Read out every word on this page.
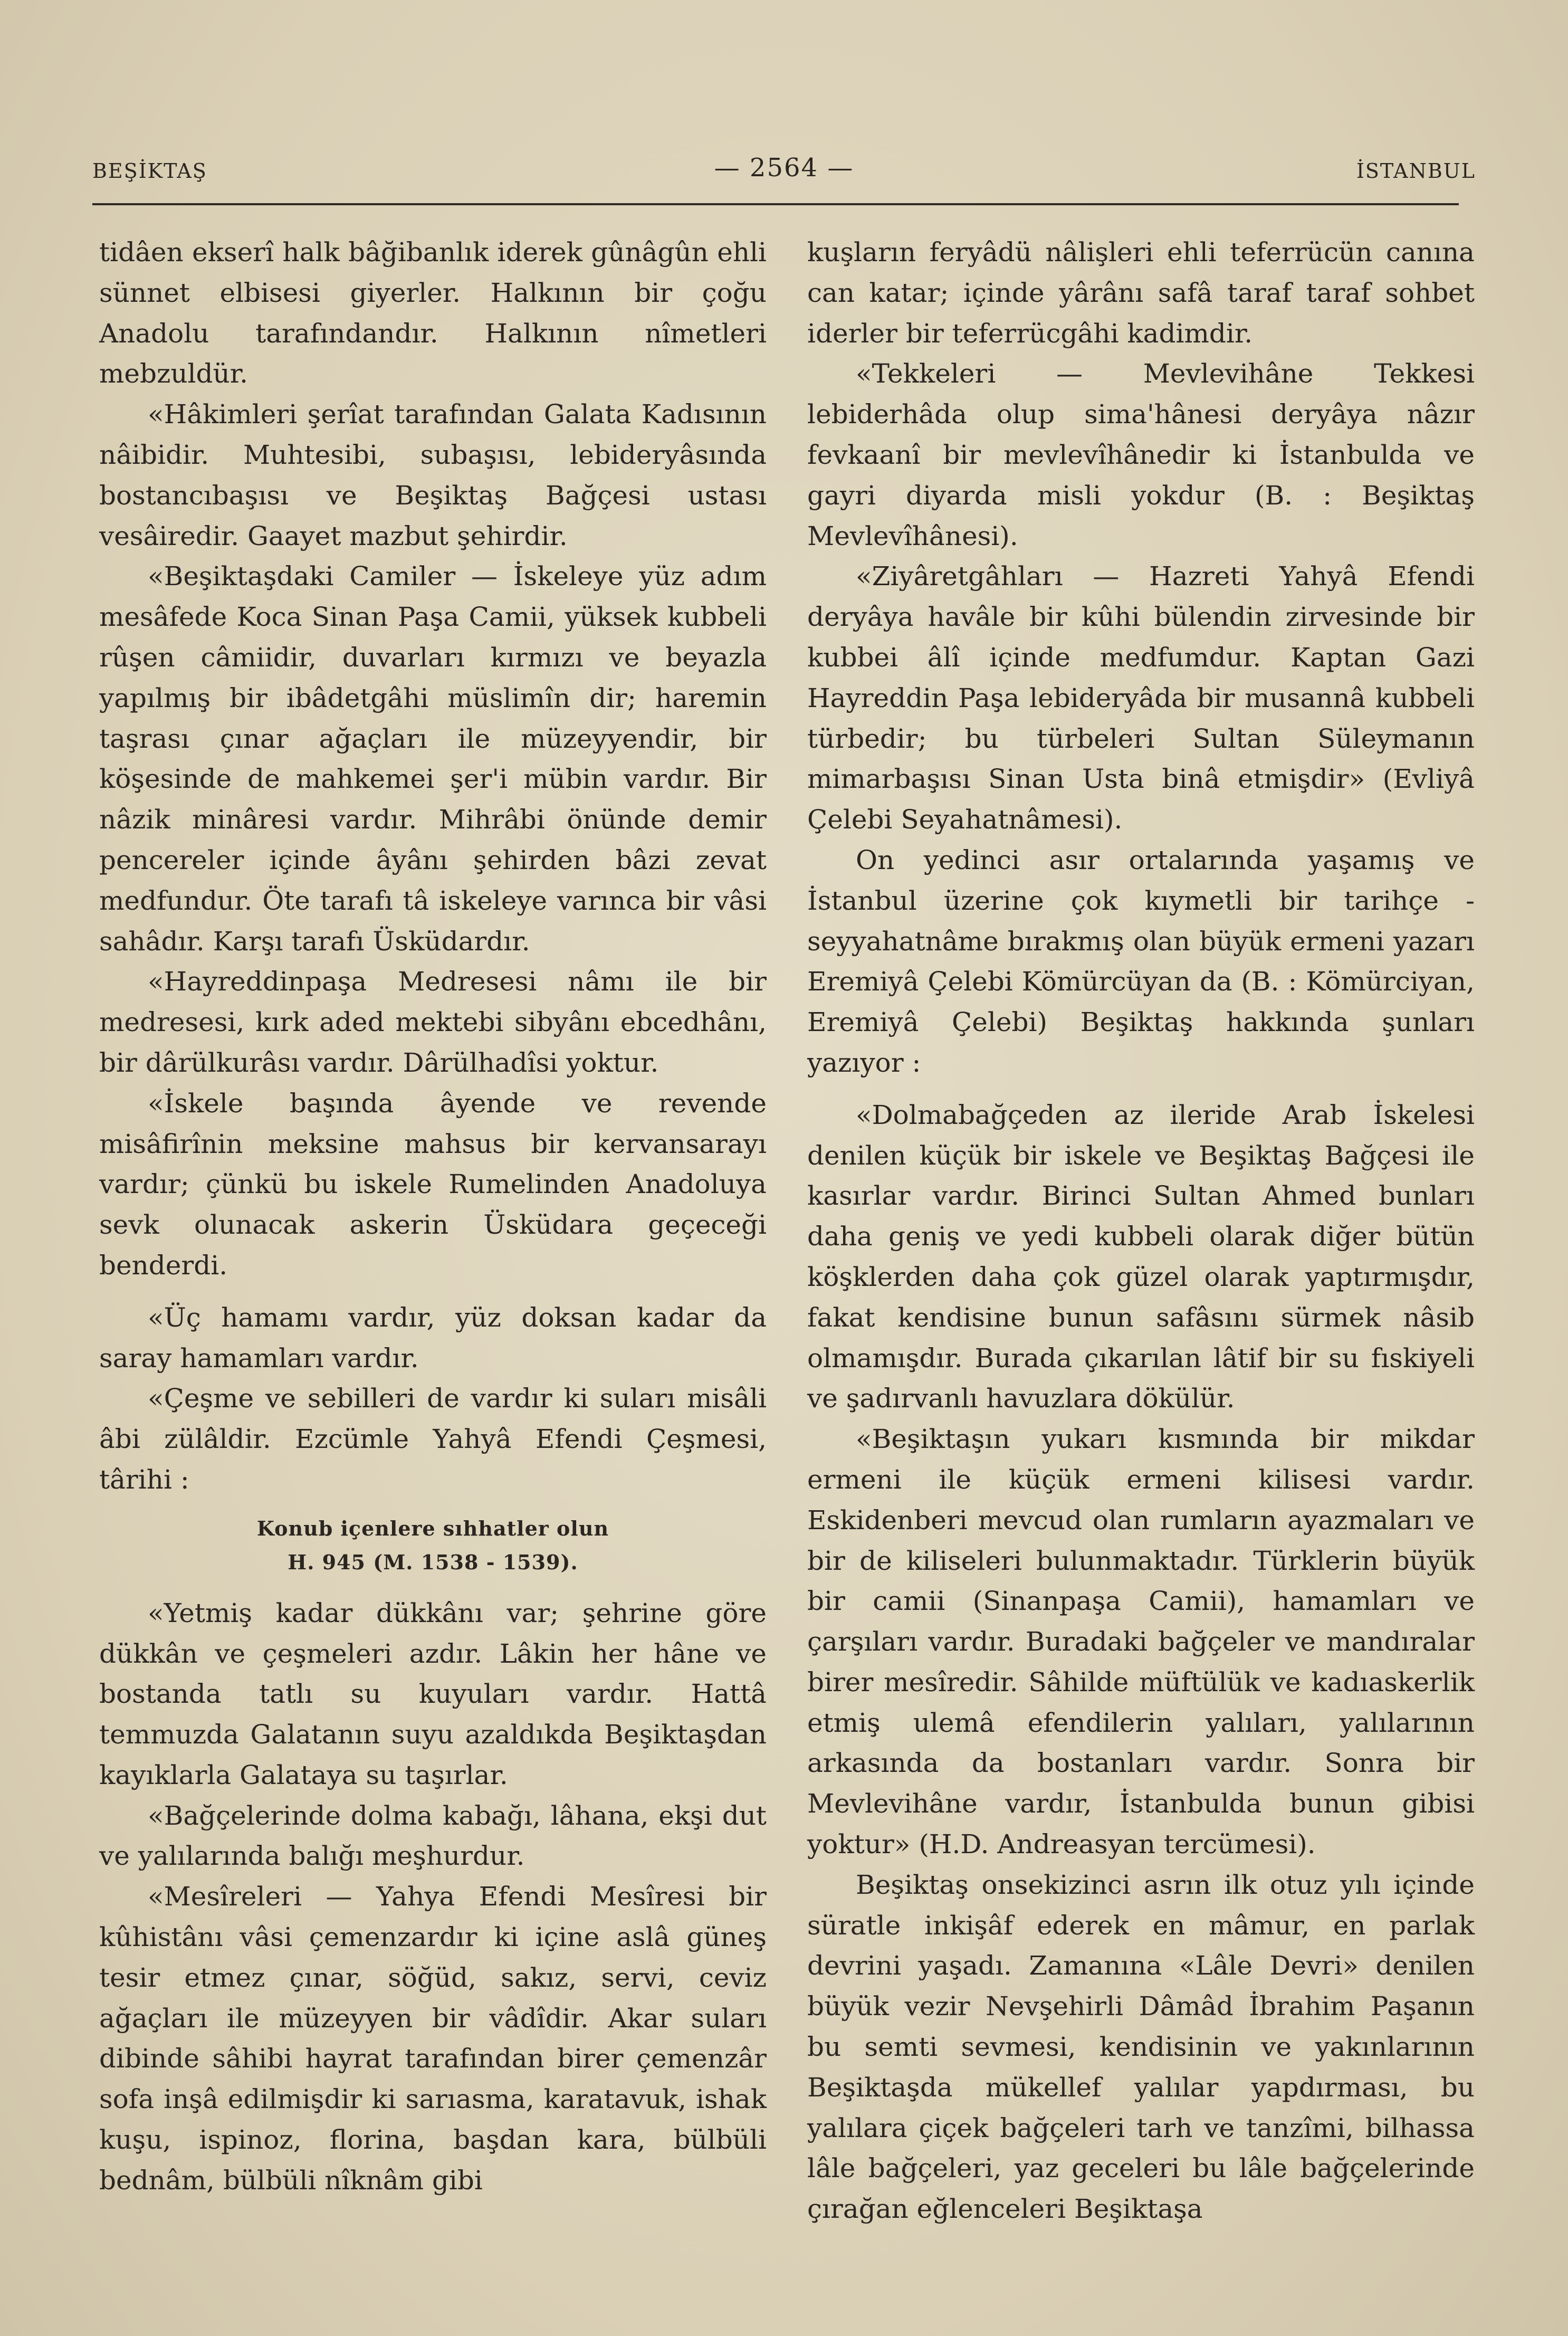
BEŞİKTAŞ	— 2564 —	İSTANBUL

tidâen ekserî halk bâğibanlık iderek gûnâgûn ehli sünnet elbisesi giyerler. Halkının bir çoğu Anadolu tarafındandır. Halkının nîmetleri mebzuldür.

«Hâkimleri şerîat tarafından Galata Kadısının nâibidir. Muhtesibi, subaşısı, lebideryâsında bostancıbaşısı ve Beşiktaş Bağçesi ustası vesâiredir. Gaayet mazbut şehirdir.

«Beşiktaşdaki Camiler — İskeleye yüz adım mesâfede Koca Sinan Paşa Camii, yüksek kubbeli rûşen câmiidir, duvarları kırmızı ve beyazla yapılmış bir ibâdetgâhi müslimîn dir; haremin taşrası çınar ağaçları ile müzeyyendir, bir köşesinde de mahkemei şer'i mübin vardır. Bir nâzik minâresi vardır. Mihrâbi önünde demir pencereler içinde âyânı şehirden bâzi zevat medfundur. Öte tarafı tâ iskeleye varınca bir vâsi sahâdır. Karşı tarafı Üsküdardır.

«Hayreddinpaşa Medresesi nâmı ile bir medresesi, kırk aded mektebi sibyânı ebcedhânı, bir dârülkurâsı vardır. Dârülhadîsi yoktur.

«İskele başında âyende ve revende misâfirînin meksine mahsus bir kervansarayı vardır; çünkü bu iskele Rumelinden Anadoluya sevk olunacak askerin Üsküdara geçeceği benderdi.

«Üç hamamı vardır, yüz doksan kadar da saray hamamları vardır.

«Çeşme ve sebilleri de vardır ki suları misâli âbi zülâldir. Ezcümle Yahyâ Efendi Çeşmesi, târihi :

Konub içenlere sıhhatler olun
H. 945 (M. 1538 - 1539).

«Yetmiş kadar dükkânı var; şehrine göre dükkân ve çeşmeleri azdır. Lâkin her hâne ve bostanda tatlı su kuyuları vardır. Hattâ temmuzda Galatanın suyu azaldıkda Beşiktaşdan kayıklarla Galataya su taşırlar.

«Bağçelerinde dolma kabağı, lâhana, ekşi dut ve yalılarında balığı meşhurdur.

«Mesîreleri — Yahya Efendi Mesîresi bir kûhistânı vâsi çemenzardır ki içine aslâ güneş tesir etmez çınar, söğüd, sakız, servi, ceviz ağaçları ile müzeyyen bir vâdîdir. Akar suları dibinde sâhibi hayrat tarafından birer çemenzâr sofa inşâ edilmişdir ki sarıasma, karatavuk, ishak kuşu, ispinoz, florina, başdan kara, bülbüli bednâm, bülbüli nîknâm gibi

kuşların feryâdü nâlişleri ehli teferrücün canına can katar; içinde yârânı safâ taraf taraf sohbet iderler bir teferrücgâhi kadimdir.

«Tekkeleri — Mevlevihâne Tekkesi lebiderhâda olup sima'hânesi deryâya nâzır fevkaanî bir mevlevîhânedir ki İstanbulda ve gayri diyarda misli yokdur (B. : Beşiktaş Mevlevîhânesi).

«Ziyâretgâhları — Hazreti Yahyâ Efendi deryâya havâle bir kûhi bülendin zirvesinde bir kubbei âlî içinde medfumdur. Kaptan Gazi Hayreddin Paşa lebideryâda bir musannâ kubbeli türbedir; bu türbeleri Sultan Süleymanın mimarbaşısı Sinan Usta binâ etmişdir» (Evliyâ Çelebi Seyahatnâmesi).

On yedinci asır ortalarında yaşamış ve İstanbul üzerine çok kıymetli bir tarihçe - seyyahatnâme bırakmış olan büyük ermeni yazarı Eremiyâ Çelebi Kömürcüyan da (B. : Kömürciyan, Eremiyâ Çelebi) Beşiktaş hakkında şunları yazıyor :

«Dolmabağçeden az ileride Arab İskelesi denilen küçük bir iskele ve Beşiktaş Bağçesi ile kasırlar vardır. Birinci Sultan Ahmed bunları daha geniş ve yedi kubbeli olarak diğer bütün köşklerden daha çok güzel olarak yaptırmışdır, fakat kendisine bunun safâsını sürmek nâsib olmamışdır. Burada çıkarılan lâtif bir su fıskiyeli ve şadırvanlı havuzlara dökülür.

«Beşiktaşın yukarı kısmında bir mikdar ermeni ile küçük ermeni kilisesi vardır. Eskidenberi mevcud olan rumların ayazmaları ve bir de kiliseleri bulunmaktadır. Türklerin büyük bir camii (Sinanpaşa Camii), hamamları ve çarşıları vardır. Buradaki bağçeler ve mandıralar birer mesîredir. Sâhilde müftülük ve kadıaskerlik etmiş ulemâ efendilerin yalıları, yalılarının arkasında da bostanları vardır. Sonra bir Mevlevihâne vardır, İstanbulda bunun gibisi yoktur» (H.D. Andreasyan tercümesi).

Beşiktaş onsekizinci asrın ilk otuz yılı içinde süratle inkişâf ederek en mâmur, en parlak devrini yaşadı. Zamanına «Lâle Devri» denilen büyük vezir Nevşehirli Dâmâd İbrahim Paşanın bu semti sevmesi, kendisinin ve yakınlarının Beşiktaşda mükellef yalılar yapdırması, bu yalılara çiçek bağçeleri tarh ve tanzîmi, bilhassa lâle bağçeleri, yaz geceleri bu lâle bağçelerinde çırağan eğlenceleri Beşiktaşa
